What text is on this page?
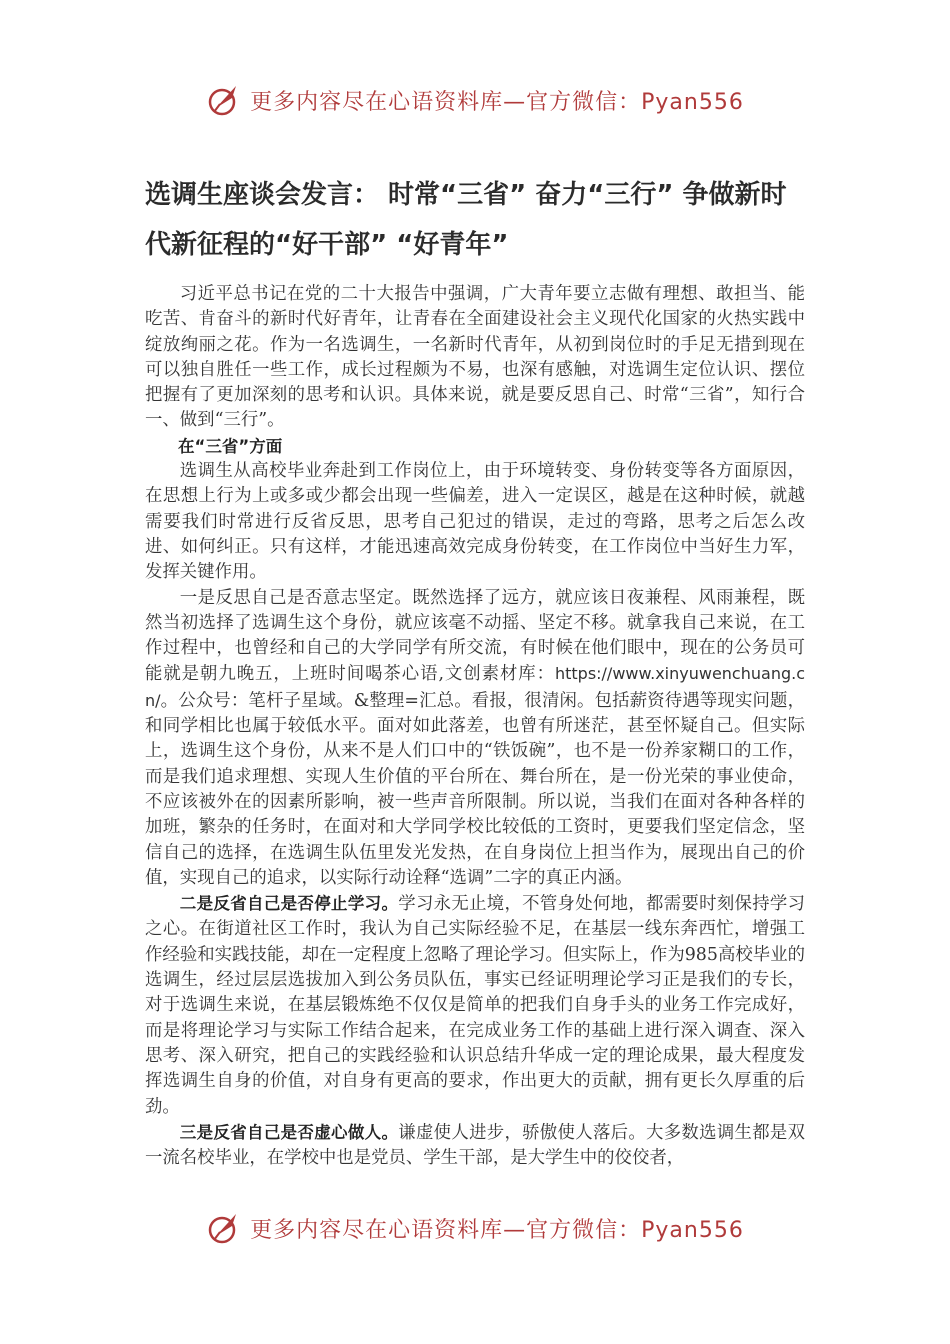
更多内容尽在心语资料库—官方微信：Pyan556
选调生座谈会发言： 时常“三省” 奋力“三行” 争做新时代新征程的“好干部” “好青年”

习近平总书记在党的二十大报告中强调，广大青年要立志做有理想、敢担当、能吃苦、肯奋斗的新时代好青年，让青春在全面建设社会主义现代化国家的火热实践中绽放绚丽之花。作为一名选调生，一名新时代青年，从初到岗位时的手足无措到现在可以独自胜任一些工作，成长过程颇为不易，也深有感触，对选调生定位认识、摆位把握有了更加深刻的思考和认识。具体来说，就是要反思自己、时常“三省”，知行合一、做到“三行”。

在“三省”方面

选调生从高校毕业奔赴到工作岗位上，由于环境转变、身份转变等各方面原因，在思想上行为上或多或少都会出现一些偏差，进入一定误区，越是在这种时候，就越需要我们时常进行反省反思，思考自己犯过的错误，走过的弯路，思考之后怎么改进、如何纠正。只有这样，才能迅速高效完成身份转变，在工作岗位中当好生力军，发挥关键作用。

一是反思自己是否意志坚定。既然选择了远方，就应该日夜兼程、风雨兼程，既然当初选择了选调生这个身份，就应该毫不动摇、坚定不移。就拿我自己来说，在工作过程中，也曾经和自己的大学同学有所交流，有时候在他们眼中，现在的公务员可能就是朝九晚五，上班时间喝茶心语,文创素材库：https://www.xinyuwenchuang.cn/。公众号：笔杆子星域。&整理=汇总。看报，很清闲。包括薪资待遇等现实问题，和同学相比也属于较低水平。面对如此落差，也曾有所迷茫，甚至怀疑自己。但实际上，选调生这个身份，从来不是人们口中的“铁饭碗”，也不是一份养家糊口的工作，而是我们追求理想、实现人生价值的平台所在、舞台所在，是一份光荣的事业使命，不应该被外在的因素所影响，被一些声音所限制。所以说，当我们在面对各种各样的加班，繁杂的任务时，在面对和大学同学校比较低的工资时，更要我们坚定信念，坚信自己的选择，在选调生队伍里发光发热，在自身岗位上担当作为，展现出自己的价值，实现自己的追求，以实际行动诠释“选调”二字的真正内涵。

二是反省自己是否停止学习。学习永无止境，不管身处何地，都需要时刻保持学习之心。在街道社区工作时，我认为自己实际经验不足，在基层一线东奔西忙，增强工作经验和实践技能，却在一定程度上忽略了理论学习。但实际上，作为985高校毕业的选调生，经过层层选拔加入到公务员队伍，事实已经证明理论学习正是我们的专长，对于选调生来说，在基层锻炼绝不仅仅是简单的把我们自身手头的业务工作完成好，而是将理论学习与实际工作结合起来，在完成业务工作的基础上进行深入调查、深入思考、深入研究，把自己的实践经验和认识总结升华成一定的理论成果，最大程度发挥选调生自身的价值，对自身有更高的要求，作出更大的贡献，拥有更长久厚重的后劲。

三是反省自己是否虚心做人。谦虚使人进步，骄傲使人落后。大多数选调生都是双一流名校毕业，在学校中也是党员、学生干部，是大学生中的佼佼者，

更多内容尽在心语资料库—官方微信：Pyan556
